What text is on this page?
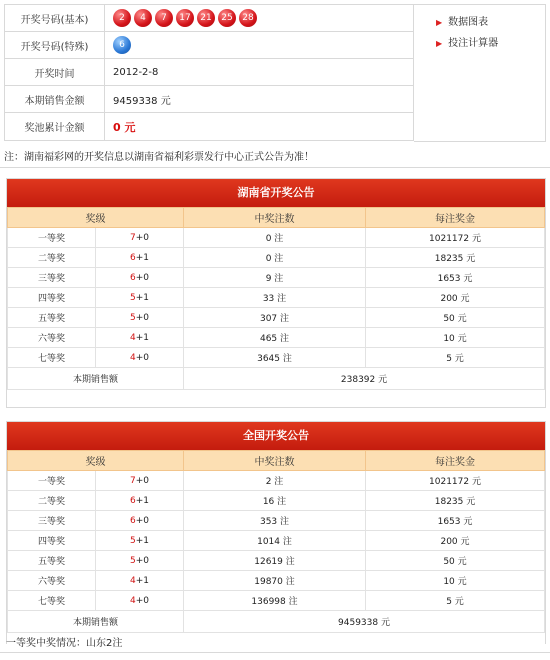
开奖号码(基本)	2 4 7 17 21 25 28
开奖号码(特殊)	6
开奖时间	2012-2-8
本期销售金额	9459338 元
奖池累计金额	0 元
▶ 数据图表
▶ 投注计算器
注：湖南福彩网的开奖信息以湖南省福利彩票发行中心正式公告为准！
湖南省开奖公告
奖级		中奖注数	每注奖金
一等奖	7+0	0 注	1021172 元
二等奖	6+1	0 注	18235 元
三等奖	6+0	9 注	1653 元
四等奖	5+1	33 注	200 元
五等奖	5+0	307 注	50 元
六等奖	4+1	465 注	10 元
七等奖	4+0	3645 注	5 元
本期销售额		238392 元	
全国开奖公告
奖级		中奖注数	每注奖金
一等奖	7+0	2 注	1021172 元
二等奖	6+1	16 注	18235 元
三等奖	6+0	353 注	1653 元
四等奖	5+1	1014 注	200 元
五等奖	5+0	12619 注	50 元
六等奖	4+1	19870 注	10 元
七等奖	4+0	136998 注	5 元
本期销售额		9459338 元	
一等奖中奖情况：山东2注
